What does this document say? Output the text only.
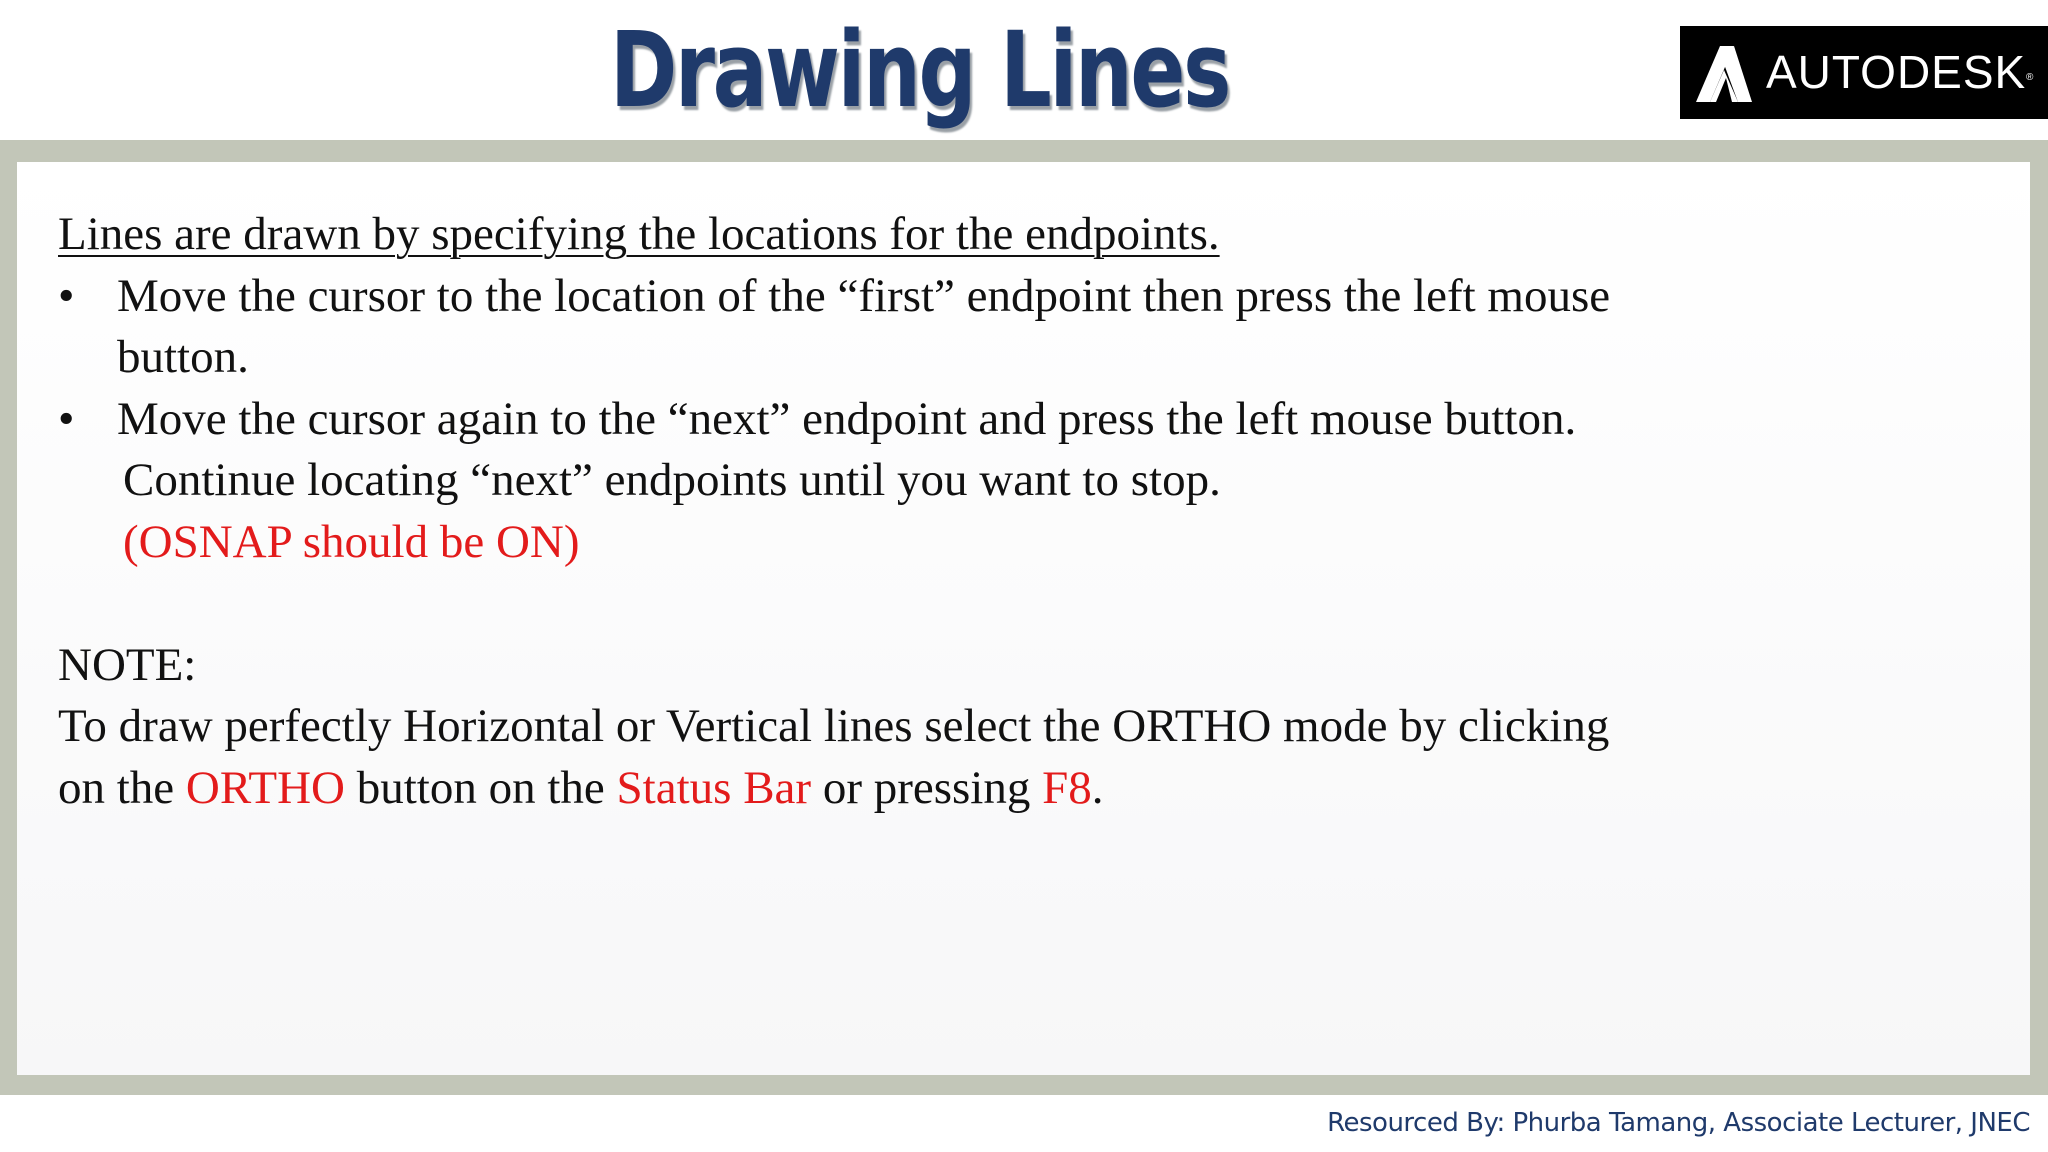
Drawing Lines	AUTODESK ®
Lines are drawn by specifying the locations for the endpoints.
• Move the cursor to the location of the “first” endpoint then press the left mouse
button.
• Move the cursor again to the “next” endpoint and press the left mouse button.
Continue locating “next” endpoints until you want to stop.
(OSNAP should be ON)
NOTE:
To draw perfectly Horizontal or Vertical lines select the ORTHO mode by clicking
on the ORTHO button on the Status Bar or pressing F8.
Resourced By: Phurba Tamang, Associate Lecturer, JNEC
